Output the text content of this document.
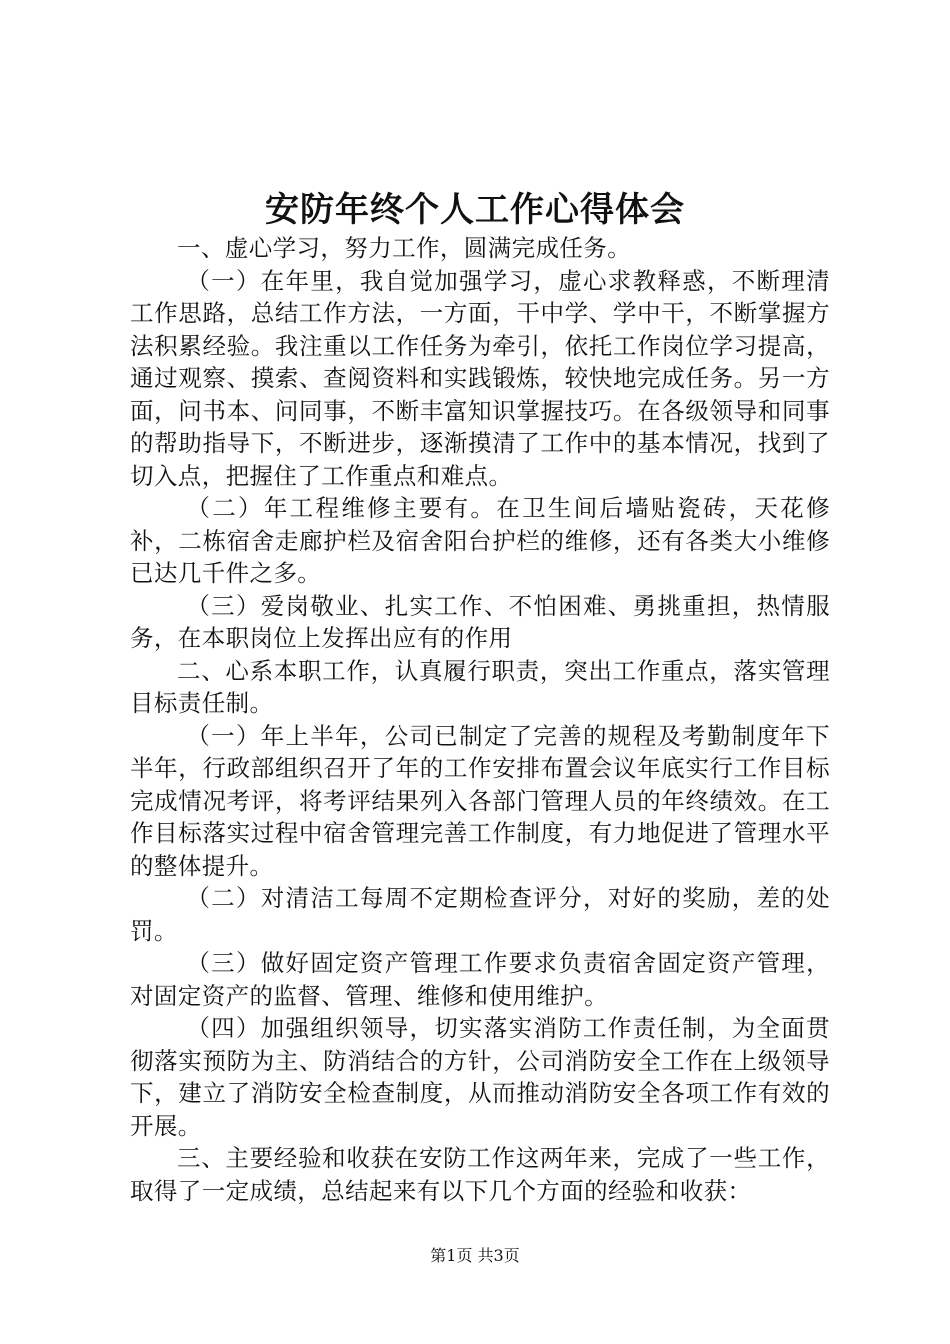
安防年终个人工作心得体会

一、虚心学习，努力工作，圆满完成任务。

（一）在年里，我自觉加强学习，虚心求教释惑，不断理清工作思路，总结工作方法，一方面，干中学、学中干，不断掌握方法积累经验。我注重以工作任务为牵引，依托工作岗位学习提高，通过观察、摸索、查阅资料和实践锻炼，较快地完成任务。另一方面，问书本、问同事，不断丰富知识掌握技巧。在各级领导和同事的帮助指导下，不断进步，逐渐摸清了工作中的基本情况，找到了切入点，把握住了工作重点和难点。

（二）年工程维修主要有。在卫生间后墙贴瓷砖，天花修补，二栋宿舍走廊护栏及宿舍阳台护栏的维修，还有各类大小维修已达几千件之多。

（三）爱岗敬业、扎实工作、不怕困难、勇挑重担，热情服务，在本职岗位上发挥出应有的作用

二、心系本职工作，认真履行职责，突出工作重点，落实管理目标责任制。

（一）年上半年，公司已制定了完善的规程及考勤制度年下半年，行政部组织召开了年的工作安排布置会议年底实行工作目标完成情况考评，将考评结果列入各部门管理人员的年终绩效。在工作目标落实过程中宿舍管理完善工作制度，有力地促进了管理水平的整体提升。

（二）对清洁工每周不定期检查评分，对好的奖励，差的处罚。

（三）做好固定资产管理工作要求负责宿舍固定资产管理，对固定资产的监督、管理、维修和使用维护。

（四）加强组织领导，切实落实消防工作责任制，为全面贯彻落实预防为主、防消结合的方针，公司消防安全工作在上级领导下，建立了消防安全检查制度，从而推动消防安全各项工作有效的开展。

三、主要经验和收获在安防工作这两年来，完成了一些工作，取得了一定成绩，总结起来有以下几个方面的经验和收获：

第1页 共3页
